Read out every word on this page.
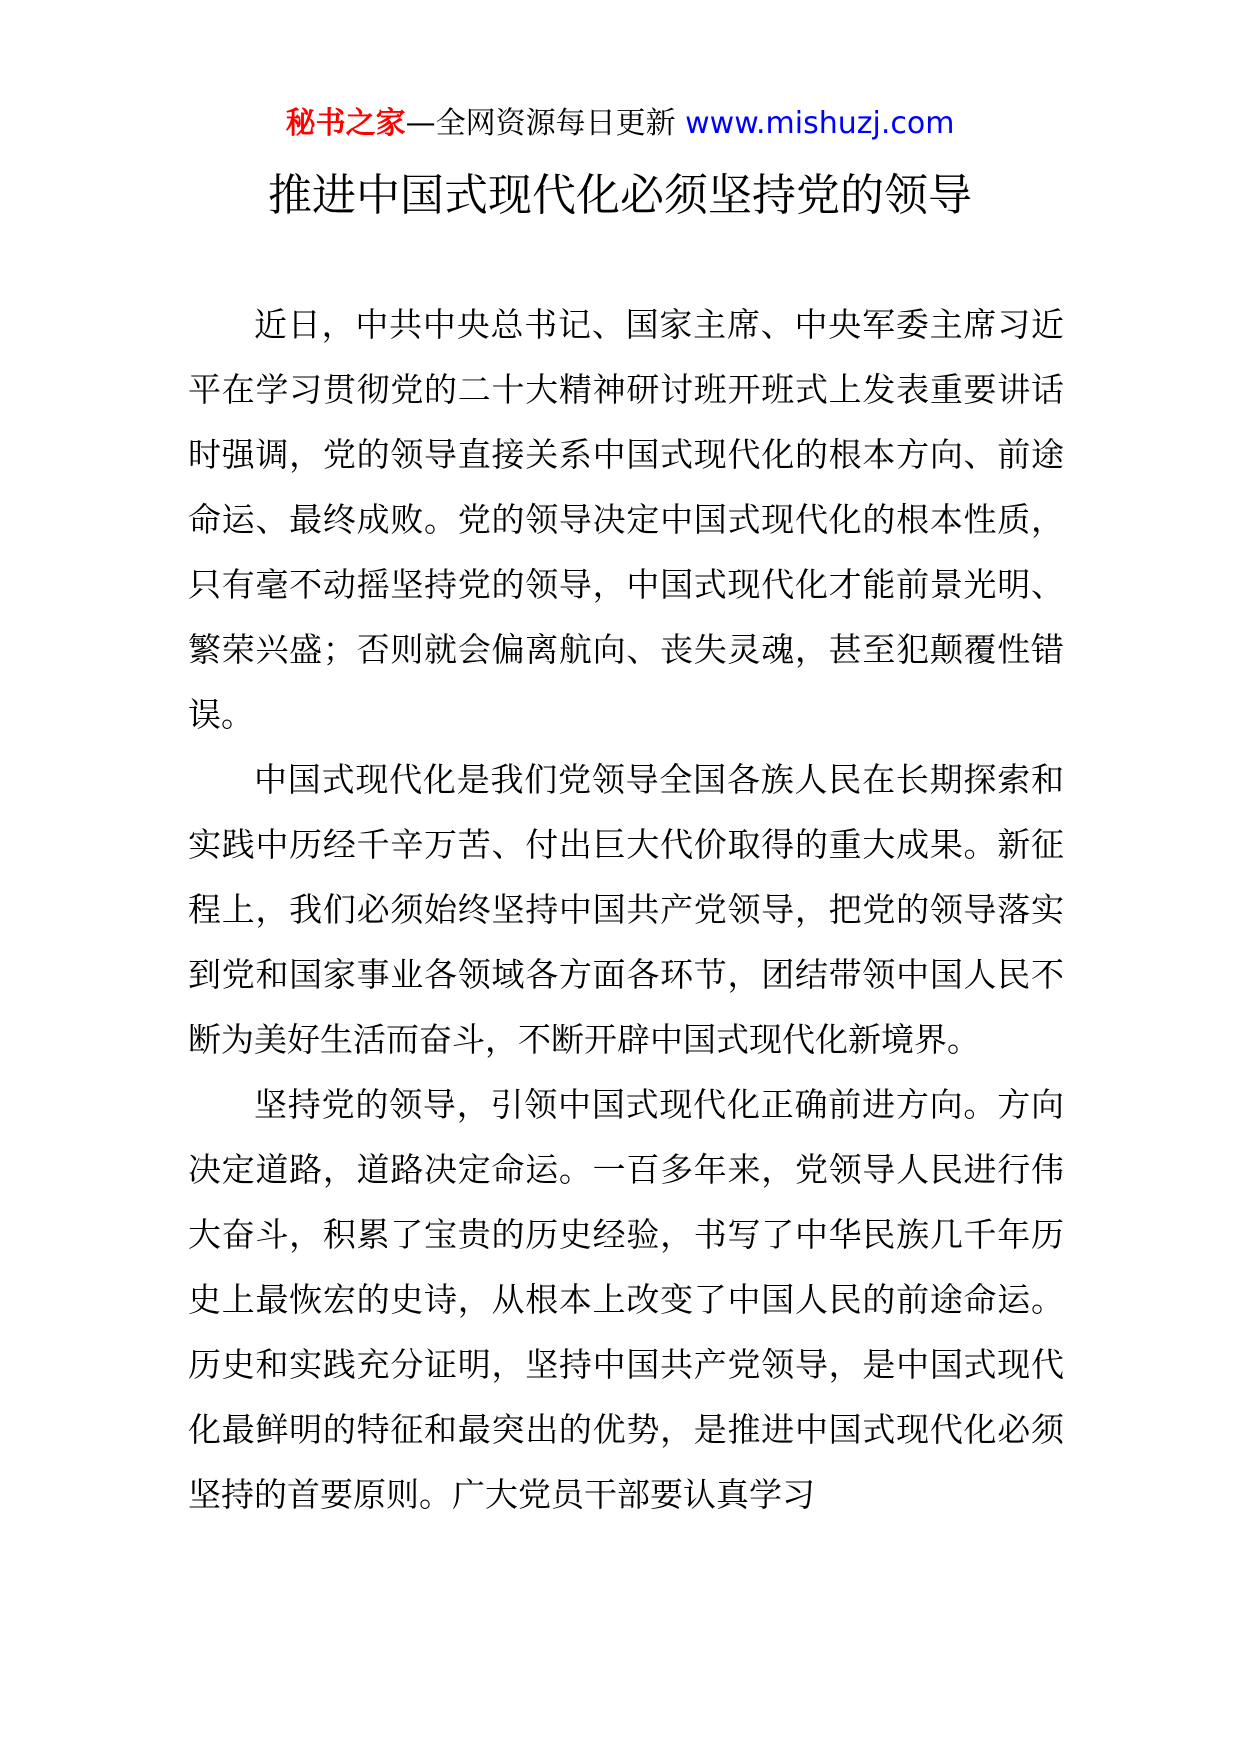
秘书之家—全网资源每日更新 www.mishuzj.com
推进中国式现代化必须坚持党的领导

近日，中共中央总书记、国家主席、中央军委主席习近平在学习贯彻党的二十大精神研讨班开班式上发表重要讲话时强调，党的领导直接关系中国式现代化的根本方向、前途命运、最终成败。党的领导决定中国式现代化的根本性质，只有毫不动摇坚持党的领导，中国式现代化才能前景光明、繁荣兴盛；否则就会偏离航向、丧失灵魂，甚至犯颠覆性错误。

中国式现代化是我们党领导全国各族人民在长期探索和实践中历经千辛万苦、付出巨大代价取得的重大成果。新征程上，我们必须始终坚持中国共产党领导，把党的领导落实到党和国家事业各领域各方面各环节，团结带领中国人民不断为美好生活而奋斗，不断开辟中国式现代化新境界。

坚持党的领导，引领中国式现代化正确前进方向。方向决定道路，道路决定命运。一百多年来，党领导人民进行伟大奋斗，积累了宝贵的历史经验，书写了中华民族几千年历史上最恢宏的史诗，从根本上改变了中国人民的前途命运。历史和实践充分证明，坚持中国共产党领导，是中国式现代化最鲜明的特征和最突出的优势，是推进中国式现代化必须坚持的首要原则。广大党员干部要认真学习
